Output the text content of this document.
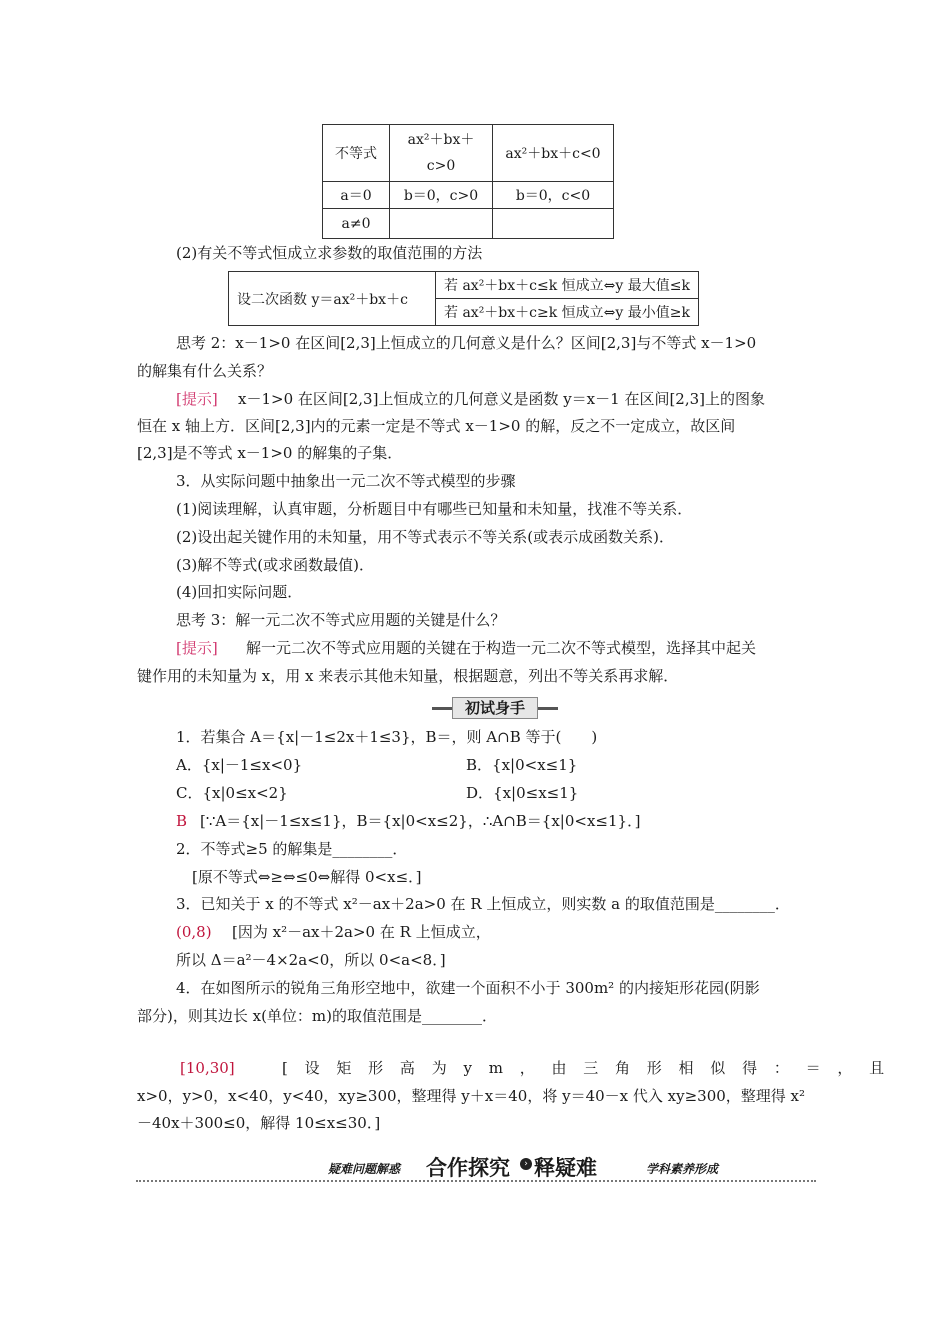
不等式	ax²＋bx＋c>0	ax²＋bx＋c<0
a＝0	b＝0，c>0	b＝0，c<0
a≠0		
(2)有关不等式恒成立求参数的取值范围的方法
设二次函数 y＝ax²＋bx＋c	若 ax²＋bx＋c≤k 恒成立⇔y 最大值≤k
若 ax²＋bx＋c≥k 恒成立⇔y 最小值≥k
思考 2：x－1>0 在区间[2,3]上恒成立的几何意义是什么？区间[2,3]与不等式 x－1>0
的解集有什么关系？
[提示] x－1>0 在区间[2,3]上恒成立的几何意义是函数 y＝x－1 在区间[2,3]上的图象
恒在 x 轴上方．区间[2,3]内的元素一定是不等式 x－1>0 的解，反之不一定成立，故区间
[2,3]是不等式 x－1>0 的解集的子集．
3．从实际问题中抽象出一元二次不等式模型的步骤
(1)阅读理解，认真审题，分析题目中有哪些已知量和未知量，找准不等关系．
(2)设出起关键作用的未知量，用不等式表示不等关系(或表示成函数关系)．
(3)解不等式(或求函数最值)．
(4)回扣实际问题．
思考 3：解一元二次不等式应用题的关键是什么？
[提示] 解一元二次不等式应用题的关键在于构造一元二次不等式模型，选择其中起关
键作用的未知量为 x，用 x 来表示其他未知量，根据题意，列出不等关系再求解．
初试身手
1．若集合 A＝{x|－1≤2x＋1≤3}，B＝，则 A∩B 等于(　　)
A．{x|－1≤x<0}	B．{x|0<x≤1}
C．{x|0≤x<2}	D．{x|0≤x≤1}
B [∵A＝{x|－1≤x≤1}，B＝{x|0<x≤2}，∴A∩B＝{x|0<x≤1}．]
2．不等式≥5 的解集是________．
[原不等式⇔≥⇔≤0⇔解得 0<x≤．]
3．已知关于 x 的不等式 x²－ax＋2a>0 在 R 上恒成立，则实数 a 的取值范围是________．
(0,8) [因为 x²－ax＋2a>0 在 R 上恒成立，
所以 Δ＝a²－4×2a<0，所以 0<a<8．]
4．在如图所示的锐角三角形空地中，欲建一个面积不小于 300m² 的内接矩形花园(阴影
部分)，则其边长 x(单位：m)的取值范围是________．
[10,30]	[ 设 矩 形 高 为 y m ， 由 三 角 形 相 似 得 ： ＝ ， 且
x>0，y>0，x<40，y<40，xy≥300，整理得 y＋x＝40，将 y＝40－x 代入 xy≥300，整理得 x²
－40x＋300≤0，解得 10≤x≤30．]
疑难问题解惑 合作探究	› 释疑难	学科素养形成
